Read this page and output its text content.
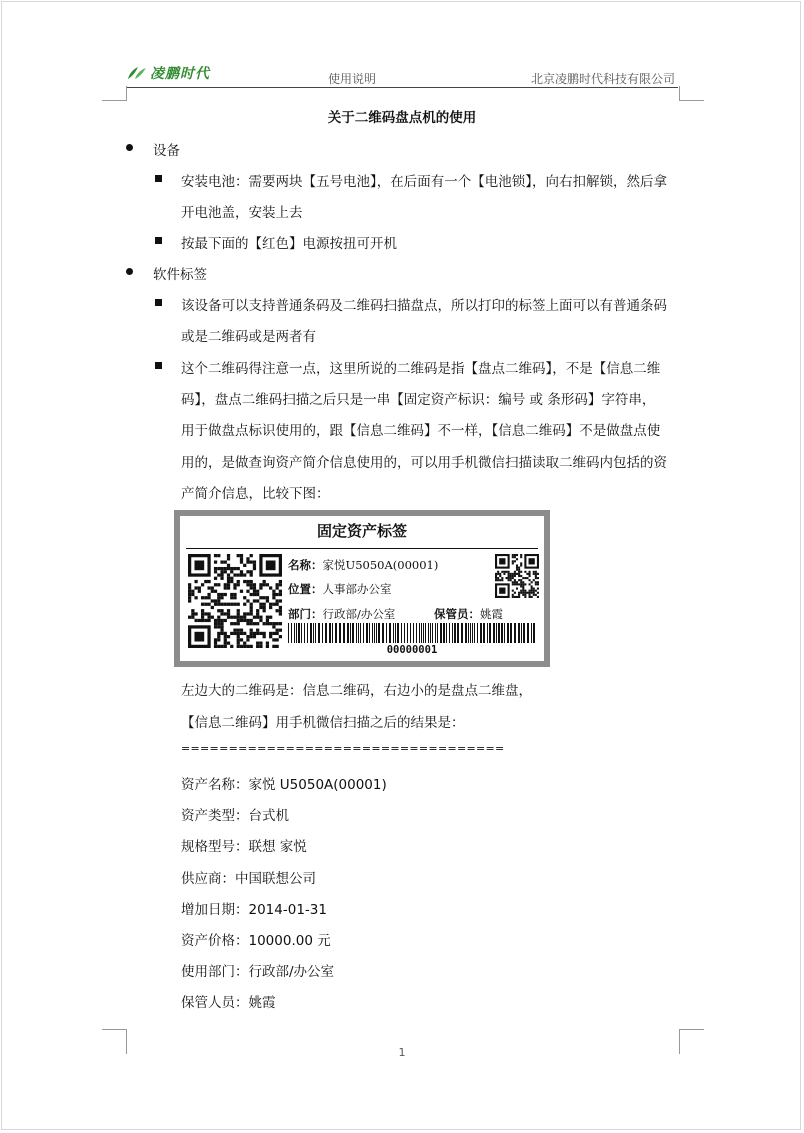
凌鹏时代	使用说明	北京凌鹏时代科技有限公司
关于二维码盘点机的使用
设备
安装电池：需要两块【五号电池】，在后面有一个【电池锁】，向右扣解锁，然后拿
开电池盖，安装上去
按最下面的【红色】电源按扭可开机
软件标签
该设备可以支持普通条码及二维码扫描盘点，所以打印的标签上面可以有普通条码
或是二维码或是两者有
这个二维码得注意一点，这里所说的二维码是指【盘点二维码】，不是【信息二维
码】，盘点二维码扫描之后只是一串【固定资产标识：编号 或 条形码】字符串，
用于做盘点标识使用的，跟【信息二维码】不一样，【信息二维码】不是做盘点使
用的，是做查询资产简介信息使用的，可以用手机微信扫描读取二维码内包括的资
产简介信息，比较下图：
固定资产标签
名称：家悦U5050A(00001)
位置：人事部办公室
部门：行政部/办公室	保管员：姚霞
00000001
左边大的二维码是：信息二维码，右边小的是盘点二维盘，
【信息二维码】用手机微信扫描之后的结果是：
==================================
资产名称：家悦 U5050A(00001)
资产类型：台式机
规格型号：联想 家悦
供应商：中国联想公司
增加日期：2014-01-31
资产价格：10000.00 元
使用部门：行政部/办公室
保管人员：姚霞
1
